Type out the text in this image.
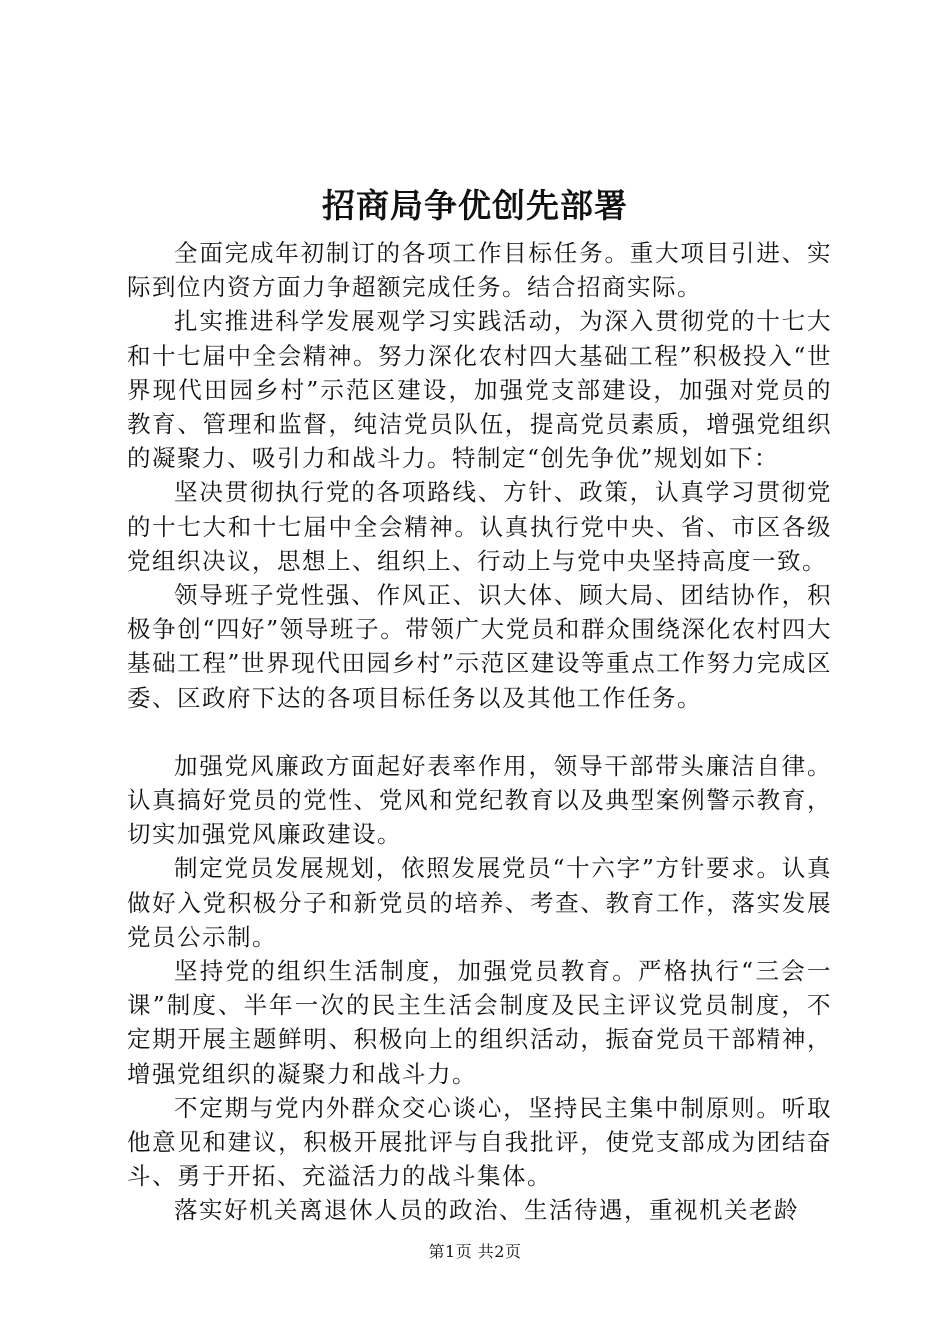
招商局争优创先部署

全面完成年初制订的各项工作目标任务。重大项目引进、实际到位内资方面力争超额完成任务。结合招商实际。

扎实推进科学发展观学习实践活动，为深入贯彻党的十七大和十七届中全会精神。努力深化农村四大基础工程”积极投入“世界现代田园乡村”示范区建设，加强党支部建设，加强对党员的教育、管理和监督，纯洁党员队伍，提高党员素质，增强党组织的凝聚力、吸引力和战斗力。特制定“创先争优”规划如下：

坚决贯彻执行党的各项路线、方针、政策，认真学习贯彻党的十七大和十七届中全会精神。认真执行党中央、省、市区各级党组织决议，思想上、组织上、行动上与党中央坚持高度一致。

领导班子党性强、作风正、识大体、顾大局、团结协作，积极争创“四好”领导班子。带领广大党员和群众围绕深化农村四大基础工程”世界现代田园乡村”示范区建设等重点工作努力完成区委、区政府下达的各项目标任务以及其他工作任务。

加强党风廉政方面起好表率作用，领导干部带头廉洁自律。认真搞好党员的党性、党风和党纪教育以及典型案例警示教育，切实加强党风廉政建设。

制定党员发展规划，依照发展党员“十六字”方针要求。认真做好入党积极分子和新党员的培养、考查、教育工作，落实发展党员公示制。

坚持党的组织生活制度，加强党员教育。严格执行“三会一课”制度、半年一次的民主生活会制度及民主评议党员制度，不定期开展主题鲜明、积极向上的组织活动，振奋党员干部精神，增强党组织的凝聚力和战斗力。

不定期与党内外群众交心谈心，坚持民主集中制原则。听取他意见和建议，积极开展批评与自我批评，使党支部成为团结奋斗、勇于开拓、充溢活力的战斗集体。

落实好机关离退休人员的政治、生活待遇，重视机关老龄

第1页 共2页
